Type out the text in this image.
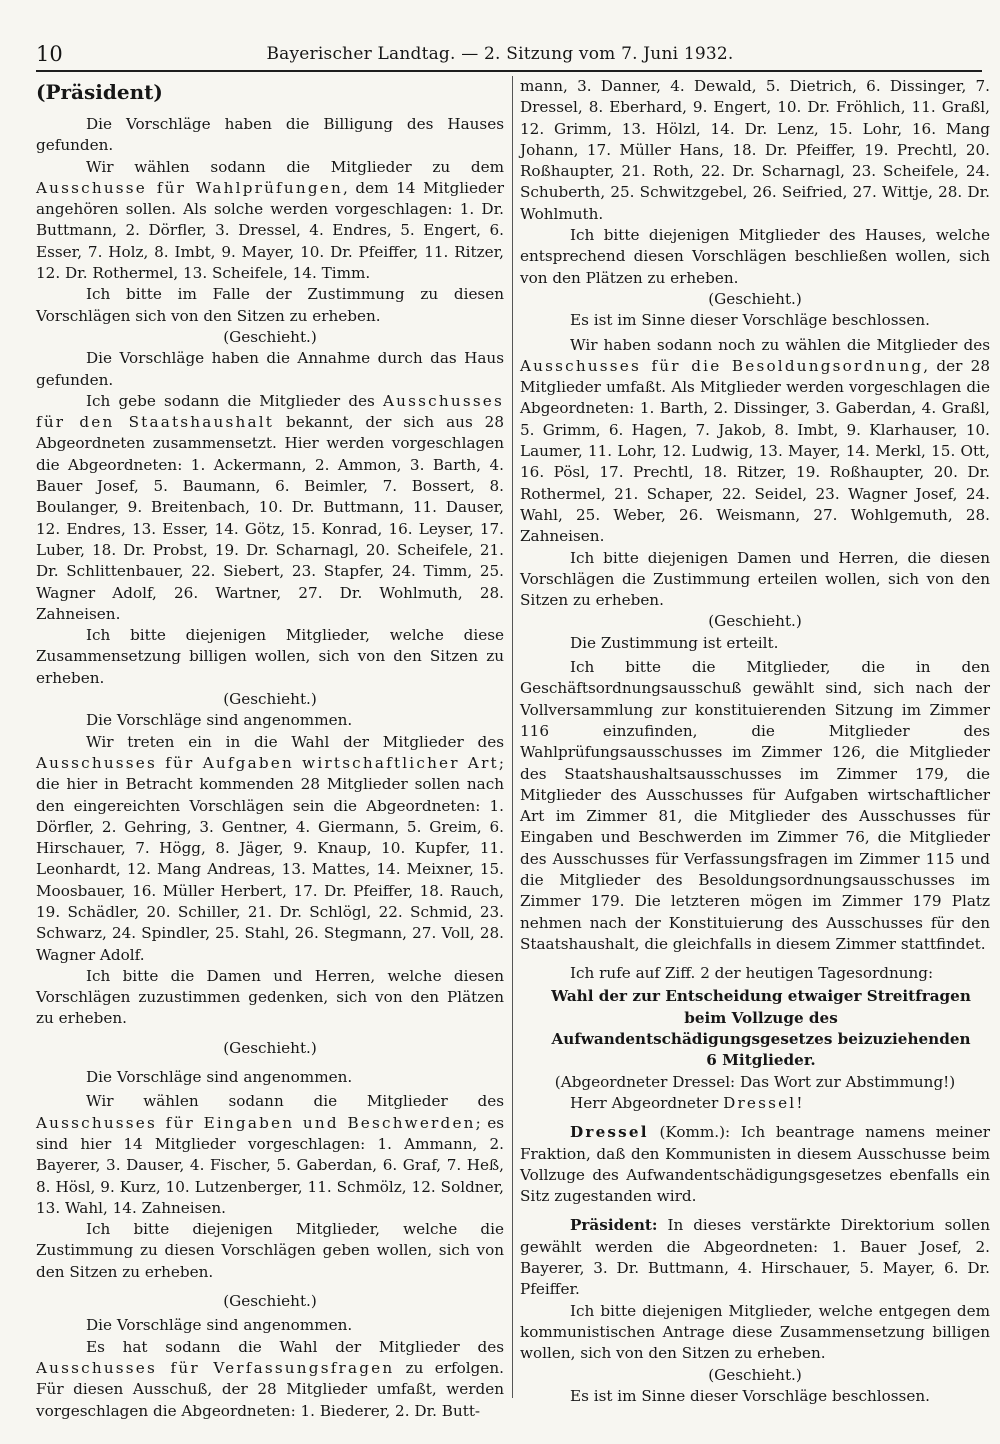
10	Bayerischer Landtag. — 2. Sitzung vom 7. Juni 1932.
(Präsident)

Die Vorschläge haben die Billigung des Hauses gefunden.

Wir wählen sodann die Mitglieder zu dem Ausschusse für Wahlprüfungen, dem 14 Mitglieder angehören sollen. Als solche werden vorgeschlagen: 1. Dr. Buttmann, 2. Dörfler, 3. Dressel, 4. Endres, 5. Engert, 6. Esser, 7. Holz, 8. Imbt, 9. Mayer, 10. Dr. Pfeiffer, 11. Ritzer, 12. Dr. Rothermel, 13. Scheifele, 14. Timm.

Ich bitte im Falle der Zustimmung zu diesen Vorschlägen sich von den Sitzen zu erheben.

(Geschieht.)

Die Vorschläge haben die Annahme durch das Haus gefunden.

Ich gebe sodann die Mitglieder des Ausschusses für den Staatshaushalt bekannt, der sich aus 28 Abgeordneten zusammensetzt. Hier werden vorgeschlagen die Abgeordneten: 1. Ackermann, 2. Ammon, 3. Barth, 4. Bauer Josef, 5. Baumann, 6. Beimler, 7. Bossert, 8. Boulanger, 9. Breitenbach, 10. Dr. Buttmann, 11. Dauser, 12. Endres, 13. Esser, 14. Götz, 15. Konrad, 16. Leyser, 17. Luber, 18. Dr. Probst, 19. Dr. Scharnagl, 20. Scheifele, 21. Dr. Schlittenbauer, 22. Siebert, 23. Stapfer, 24. Timm, 25. Wagner Adolf, 26. Wartner, 27. Dr. Wohlmuth, 28. Zahneisen.

Ich bitte diejenigen Mitglieder, welche diese Zusammensetzung billigen wollen, sich von den Sitzen zu erheben.

(Geschieht.)

Die Vorschläge sind angenommen.

Wir treten ein in die Wahl der Mitglieder des Ausschusses für Aufgaben wirtschaftlicher Art; die hier in Betracht kommenden 28 Mitglieder sollen nach den eingereichten Vorschlägen sein die Abgeordneten: 1. Dörfler, 2. Gehring, 3. Gentner, 4. Giermann, 5. Greim, 6. Hirschauer, 7. Högg, 8. Jäger, 9. Knaup, 10. Kupfer, 11. Leonhardt, 12. Mang Andreas, 13. Mattes, 14. Meixner, 15. Moosbauer, 16. Müller Herbert, 17. Dr. Pfeiffer, 18. Rauch, 19. Schädler, 20. Schiller, 21. Dr. Schlögl, 22. Schmid, 23. Schwarz, 24. Spindler, 25. Stahl, 26. Stegmann, 27. Voll, 28. Wagner Adolf.

Ich bitte die Damen und Herren, welche diesen Vorschlägen zuzustimmen gedenken, sich von den Plätzen zu erheben.

(Geschieht.)

Die Vorschläge sind angenommen.

Wir wählen sodann die Mitglieder des Ausschusses für Eingaben und Beschwerden; es sind hier 14 Mitglieder vorgeschlagen: 1. Ammann, 2. Bayerer, 3. Dauser, 4. Fischer, 5. Gaberdan, 6. Graf, 7. Heß, 8. Hösl, 9. Kurz, 10. Lutzenberger, 11. Schmölz, 12. Soldner, 13. Wahl, 14. Zahneisen.

Ich bitte diejenigen Mitglieder, welche die Zustimmung zu diesen Vorschlägen geben wollen, sich von den Sitzen zu erheben.

(Geschieht.)

Die Vorschläge sind angenommen.

Es hat sodann die Wahl der Mitglieder des Ausschusses für Verfassungsfragen zu erfolgen. Für diesen Ausschuß, der 28 Mitglieder umfaßt, werden vorgeschlagen die Abgeordneten: 1. Biederer, 2. Dr. Butt-

mann, 3. Danner, 4. Dewald, 5. Dietrich, 6. Dissinger, 7. Dressel, 8. Eberhard, 9. Engert, 10. Dr. Fröhlich, 11. Graßl, 12. Grimm, 13. Hölzl, 14. Dr. Lenz, 15. Lohr, 16. Mang Johann, 17. Müller Hans, 18. Dr. Pfeiffer, 19. Prechtl, 20. Roßhaupter, 21. Roth, 22. Dr. Scharnagl, 23. Scheifele, 24. Schuberth, 25. Schwitzgebel, 26. Seifried, 27. Wittje, 28. Dr. Wohlmuth.

Ich bitte diejenigen Mitglieder des Hauses, welche entsprechend diesen Vorschlägen beschließen wollen, sich von den Plätzen zu erheben.

(Geschieht.)

Es ist im Sinne dieser Vorschläge beschlossen.

Wir haben sodann noch zu wählen die Mitglieder des Ausschusses für die Besoldungsordnung, der 28 Mitglieder umfaßt. Als Mitglieder werden vorgeschlagen die Abgeordneten: 1. Barth, 2. Dissinger, 3. Gaberdan, 4. Graßl, 5. Grimm, 6. Hagen, 7. Jakob, 8. Imbt, 9. Klarhauser, 10. Laumer, 11. Lohr, 12. Ludwig, 13. Mayer, 14. Merkl, 15. Ott, 16. Pösl, 17. Prechtl, 18. Ritzer, 19. Roßhaupter, 20. Dr. Rothermel, 21. Schaper, 22. Seidel, 23. Wagner Josef, 24. Wahl, 25. Weber, 26. Weismann, 27. Wohlgemuth, 28. Zahneisen.

Ich bitte diejenigen Damen und Herren, die diesen Vorschlägen die Zustimmung erteilen wollen, sich von den Sitzen zu erheben.

(Geschieht.)

Die Zustimmung ist erteilt.

Ich bitte die Mitglieder, die in den Geschäftsordnungsausschuß gewählt sind, sich nach der Vollversammlung zur konstituierenden Sitzung im Zimmer 116 einzufinden, die Mitglieder des Wahlprüfungsausschusses im Zimmer 126, die Mitglieder des Staatshaushaltsausschusses im Zimmer 179, die Mitglieder des Ausschusses für Aufgaben wirtschaftlicher Art im Zimmer 81, die Mitglieder des Ausschusses für Eingaben und Beschwerden im Zimmer 76, die Mitglieder des Ausschusses für Verfassungsfragen im Zimmer 115 und die Mitglieder des Besoldungsordnungsausschusses im Zimmer 179. Die letzteren mögen im Zimmer 179 Platz nehmen nach der Konstituierung des Ausschusses für den Staatshaushalt, die gleichfalls in diesem Zimmer stattfindet.

Ich rufe auf Ziff. 2 der heutigen Tagesordnung:

Wahl der zur Entscheidung etwaiger Streitfragen beim Vollzuge des Aufwandentschädigungsgesetzes beizuziehenden 6 Mitglieder.

(Abgeordneter Dressel: Das Wort zur Abstimmung!)

Herr Abgeordneter Dressel!

Dressel (Komm.): Ich beantrage namens meiner Fraktion, daß den Kommunisten in diesem Ausschusse beim Vollzuge des Aufwandentschädigungsgesetzes ebenfalls ein Sitz zugestanden wird.

Präsident: In dieses verstärkte Direktorium sollen gewählt werden die Abgeordneten: 1. Bauer Josef, 2. Bayerer, 3. Dr. Buttmann, 4. Hirschauer, 5. Mayer, 6. Dr. Pfeiffer.

Ich bitte diejenigen Mitglieder, welche entgegen dem kommunistischen Antrage diese Zusammensetzung billigen wollen, sich von den Sitzen zu erheben.

(Geschieht.)

Es ist im Sinne dieser Vorschläge beschlossen.
